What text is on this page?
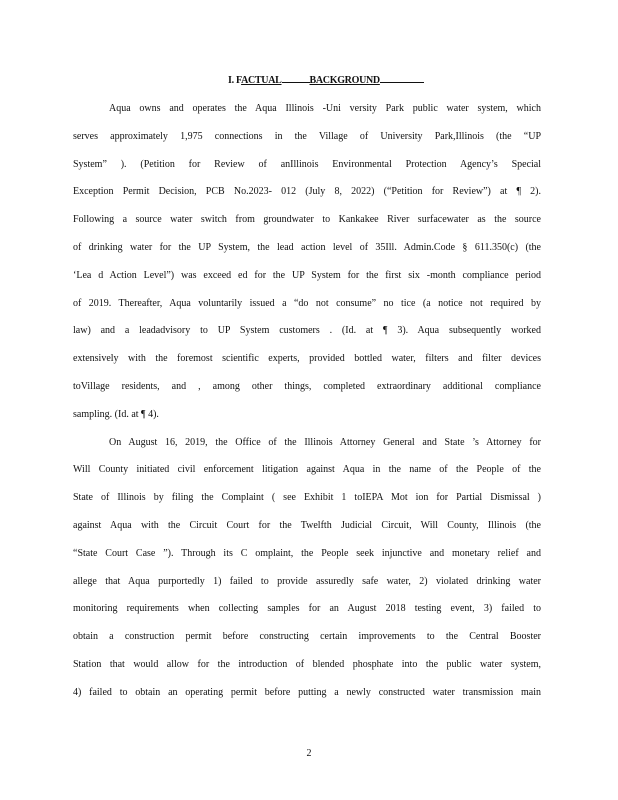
I. FACTUAL	BACKGROUND
Aqua owns and operates the Aqua Illinois -Uni versity Park public water system, which
serves approximately 1,975 connections in the Village of University Park,Illinois (the “UP
System” ). (Petition for Review of anIllinois Environmental Protection Agency’s Special
Exception Permit Decision, PCB No.2023- 012 (July 8, 2022) (“Petition for Review”) at ¶ 2).
Following a source water switch from groundwater to Kankakee River surfacewater as the source
of drinking water for the UP System, the lead action level of 35Ill. Admin.Code § 611.350(c) (the
‘Lea d Action Level”) was exceed ed for the UP System for the first six -month compliance period
of 2019. Thereafter, Aqua voluntarily issued a “do not consume” no tice (a notice not required by
law) and a leadadvisory to UP System customers . (Id. at ¶ 3). Aqua subsequently worked
extensively with the foremost scientific experts, provided bottled water, filters and filter devices
toVillage residents, and , among other things, completed extraordinary additional compliance
sampling. (Id. at ¶ 4).
On August 16, 2019, the Office of the Illinois Attorney General and State ’s Attorney for
Will County initiated civil enforcement litigation against Aqua in the name of the People of the
State of Illinois by filing the Complaint ( see Exhibit 1 toIEPA Mot ion for Partial Dismissal )
against Aqua with the Circuit Court for the Twelfth Judicial Circuit, Will County, Illinois (the
“State Court Case ”). Through its C omplaint, the People seek injunctive and monetary relief and
allege that Aqua purportedly 1) failed to provide assuredly safe water, 2) violated drinking water
monitoring requirements when collecting samples for an August 2018 testing event, 3) failed to
obtain a construction permit before constructing certain improvements to the Central Booster
Station that would allow for the introduction of blended phosphate into the public water system,
4) failed to obtain an operating permit before putting a newly constructed water transmission main
2
